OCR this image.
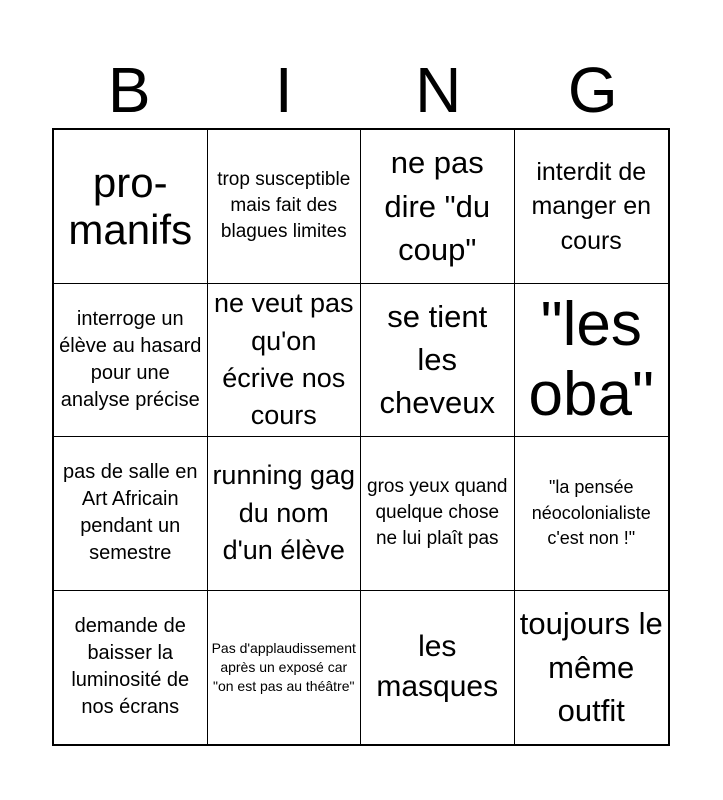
B	I	N	G
pro-manifs
trop susceptible mais fait des blagues limites
ne pas dire "du coup"
interdit de manger en cours
interroge un élève au hasard pour une analyse précise
ne veut pas qu'on écrive nos cours
se tient les cheveux
"les oba"
pas de salle en Art Africain pendant un semestre
running gag du nom d'un élève
gros yeux quand quelque chose ne lui plaît pas
"la pensée néocolonialiste c'est non !"
demande de baisser la luminosité de nos écrans
Pas d'applaudissement après un exposé car "on est pas au théâtre"
les masques
toujours le même outfit
